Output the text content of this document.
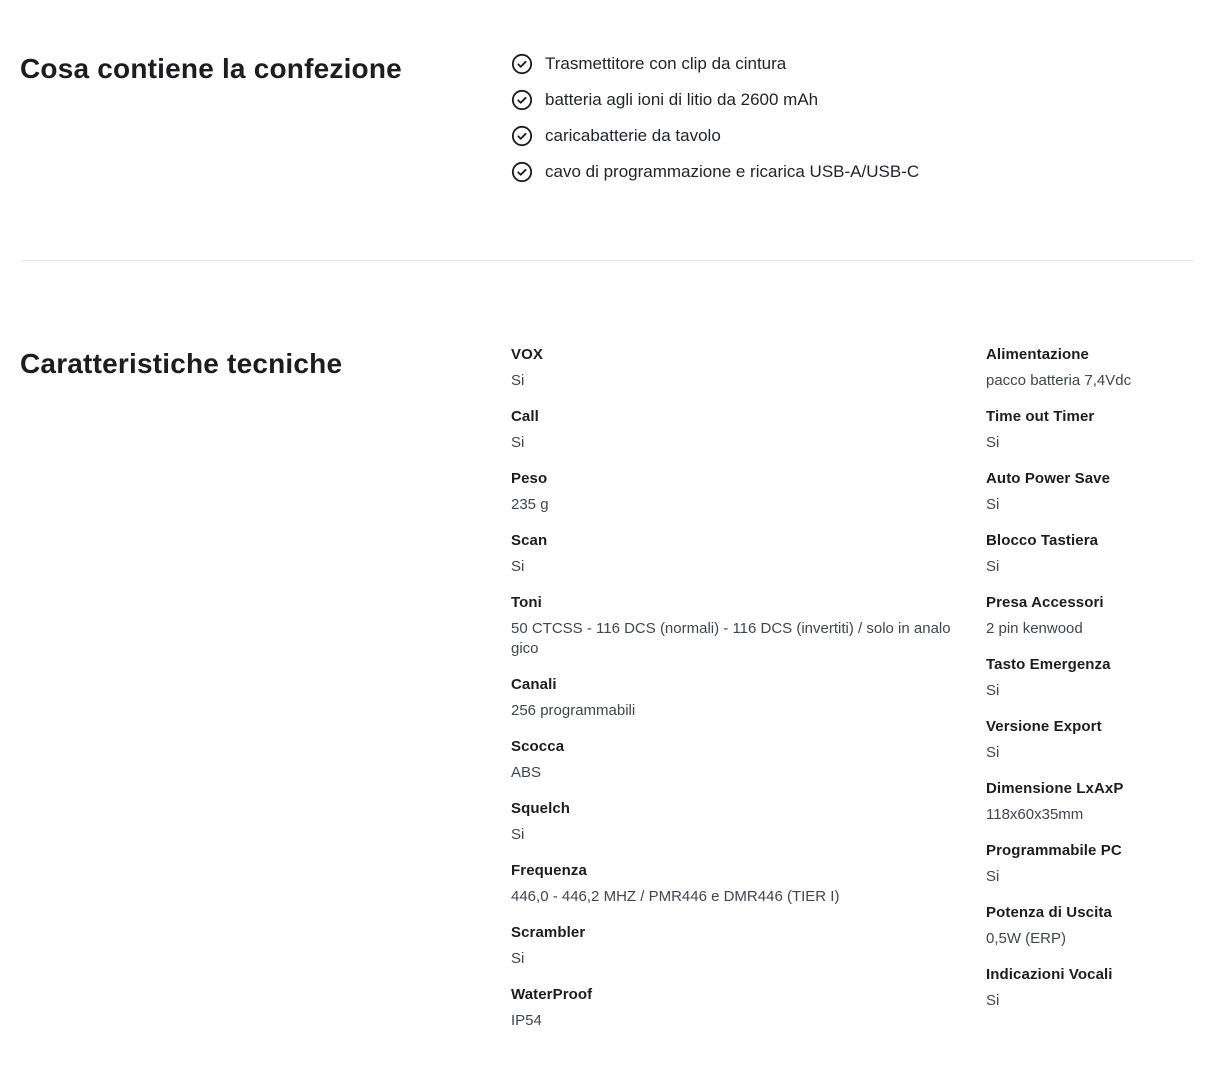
Cosa contiene la confezione	Trasmettitore con clip da cintura
batteria agli ioni di litio da 2600 mAh
caricabatterie da tavolo
cavo di programmazione e ricarica USB-A/USB-C
Caratteristiche tecniche	VOX
Si
Call
Si
Peso
235 g
Scan
Si
Toni
50 CTCSS - 116 DCS (normali) - 116 DCS (invertiti) / solo in analogico
Canali
256 programmabili
Scocca
ABS
Squelch
Si
Frequenza
446,0 - 446,2 MHZ / PMR446 e DMR446 (TIER I)
Scrambler
Si
WaterProof
IP54
Alimentazione
pacco batteria 7,4Vdc
Time out Timer
Si
Auto Power Save
Si
Blocco Tastiera
Si
Presa Accessori
2 pin kenwood
Tasto Emergenza
Si
Versione Export
Si
Dimensione LxAxP
118x60x35mm
Programmabile PC
Si
Potenza di Uscita
0,5W (ERP)
Indicazioni Vocali
Si
